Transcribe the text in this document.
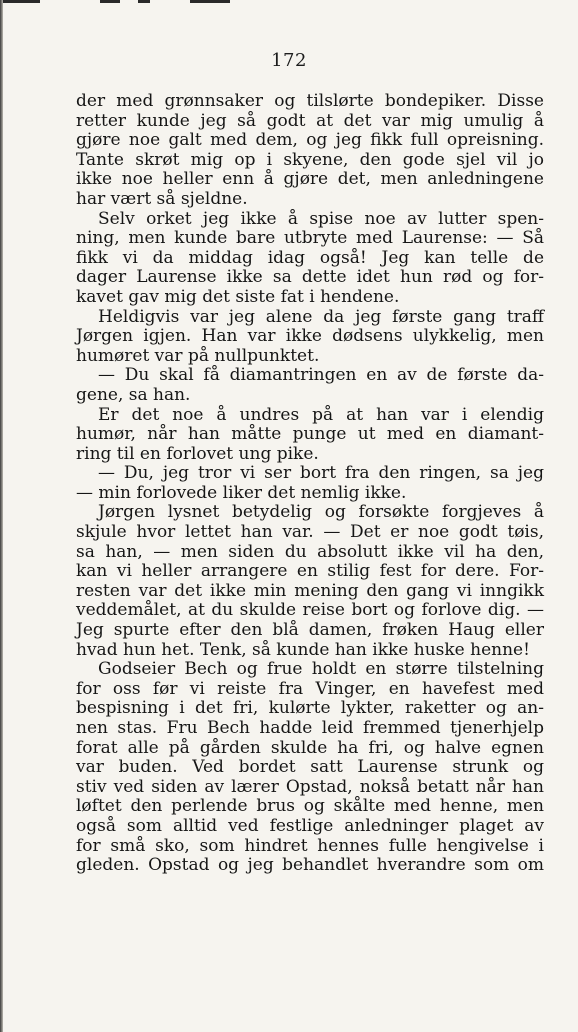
172
der med grønnsaker og tilslørte bondepiker. Disse
retter kunde jeg så godt at det var mig umulig å
gjøre noe galt med dem, og jeg fikk full opreisning.
Tante skrøt mig op i skyene, den gode sjel vil jo
ikke noe heller enn å gjøre det, men anledningene
har vært så sjeldne.
Selv orket jeg ikke å spise noe av lutter spen-
ning, men kunde bare utbryte med Laurense: — Så
fikk vi da middag idag også! Jeg kan telle de
dager Laurense ikke sa dette idet hun rød og for-
kavet gav mig det siste fat i hendene.
Heldigvis var jeg alene da jeg første gang traff
Jørgen igjen. Han var ikke dødsens ulykkelig, men
humøret var på nullpunktet.
— Du skal få diamantringen en av de første da-
gene, sa han.
Er det noe å undres på at han var i elendig
humør, når han måtte punge ut med en diamant-
ring til en forlovet ung pike.
— Du, jeg tror vi ser bort fra den ringen, sa jeg
— min forlovede liker det nemlig ikke.
Jørgen lysnet betydelig og forsøkte forgjeves å
skjule hvor lettet han var. — Det er noe godt tøis,
sa han, — men siden du absolutt ikke vil ha den,
kan vi heller arrangere en stilig fest for dere. For-
resten var det ikke min mening den gang vi inngikk
veddemålet, at du skulde reise bort og forlove dig. —
Jeg spurte efter den blå damen, frøken Haug eller
hvad hun het. Tenk, så kunde han ikke huske henne!
Godseier Bech og frue holdt en større tilstelning
for oss før vi reiste fra Vinger, en havefest med
bespisning i det fri, kulørte lykter, raketter og an-
nen stas. Fru Bech hadde leid fremmed tjenerhjelp
forat alle på gården skulde ha fri, og halve egnen
var buden. Ved bordet satt Laurense strunk og
stiv ved siden av lærer Opstad, nokså betatt når han
løftet den perlende brus og skålte med henne, men
også som alltid ved festlige anledninger plaget av
for små sko, som hindret hennes fulle hengivelse i
gleden. Opstad og jeg behandlet hverandre som om
